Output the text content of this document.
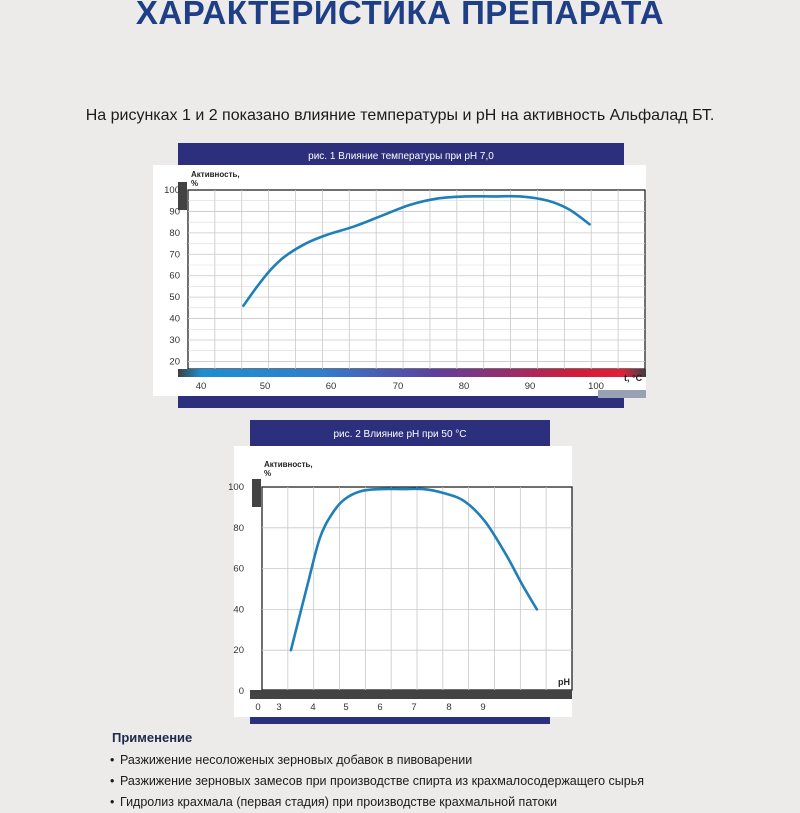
ХАРАКТЕРИСТИКА ПРЕПАРАТА
На рисунках 1 и 2 показано влияние температуры и рН на активность Альфалад БТ.
рис. 1 Влияние температуры при рН 7,0
20
30
40
50
60
70
80
90
100
40	50	60	70	80	90	100
Активность,
%
t, °C
рис. 2 Влияние рН при 50 °С
0
20
40
60
80
100
0 3	4	5	6	7	8	9
Активность,
%
pH
Применение
• Разжижение несоложеных зерновых добавок в пивоварении
• Разжижение зерновых замесов при производстве спирта из крахмалосодержащего сырья
• Гидролиз крахмала (первая стадия) при производстве крахмальной патоки
